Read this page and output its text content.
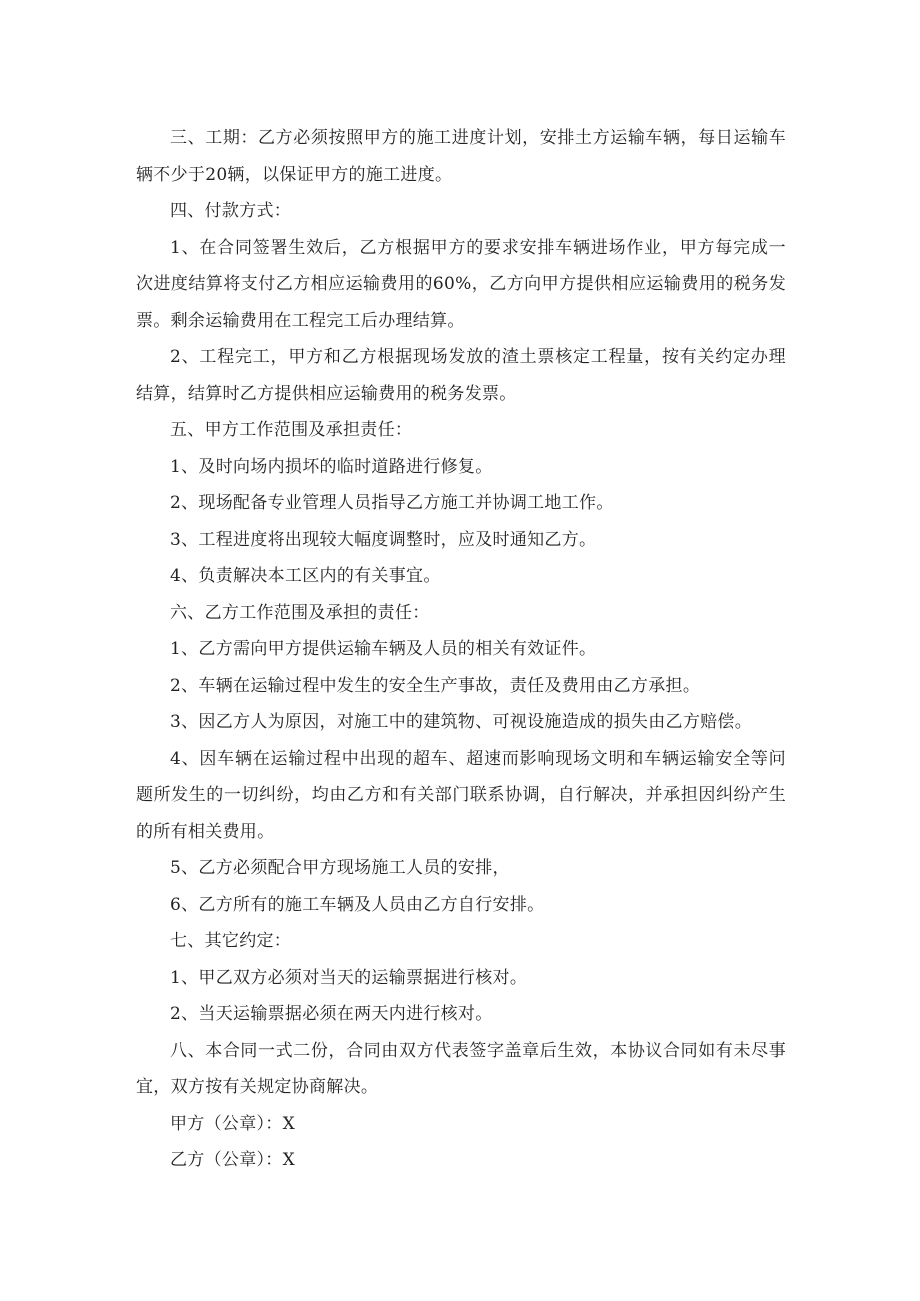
三、工期：乙方必须按照甲方的施工进度计划，安排土方运输车辆，每日运输车辆不少于20辆，以保证甲方的施工进度。

四、付款方式：

1、在合同签署生效后，乙方根据甲方的要求安排车辆进场作业，甲方每完成一次进度结算将支付乙方相应运输费用的60%，乙方向甲方提供相应运输费用的税务发票。剩余运输费用在工程完工后办理结算。

2、工程完工，甲方和乙方根据现场发放的渣土票核定工程量，按有关约定办理结算，结算时乙方提供相应运输费用的税务发票。

五、甲方工作范围及承担责任：

1、及时向场内损坏的临时道路进行修复。

2、现场配备专业管理人员指导乙方施工并协调工地工作。

3、工程进度将出现较大幅度调整时，应及时通知乙方。

4、负责解决本工区内的有关事宜。

六、乙方工作范围及承担的责任：

1、乙方需向甲方提供运输车辆及人员的相关有效证件。

2、车辆在运输过程中发生的安全生产事故，责任及费用由乙方承担。

3、因乙方人为原因，对施工中的建筑物、可视设施造成的损失由乙方赔偿。

4、因车辆在运输过程中出现的超车、超速而影响现场文明和车辆运输安全等问题所发生的一切纠纷，均由乙方和有关部门联系协调，自行解决，并承担因纠纷产生的所有相关费用。

5、乙方必须配合甲方现场施工人员的安排，

6、乙方所有的施工车辆及人员由乙方自行安排。

七、其它约定：

1、甲乙双方必须对当天的运输票据进行核对。

2、当天运输票据必须在两天内进行核对。

八、本合同一式二份，合同由双方代表签字盖章后生效，本协议合同如有未尽事宜，双方按有关规定协商解决。

甲方（公章）：X

乙方（公章）：X
